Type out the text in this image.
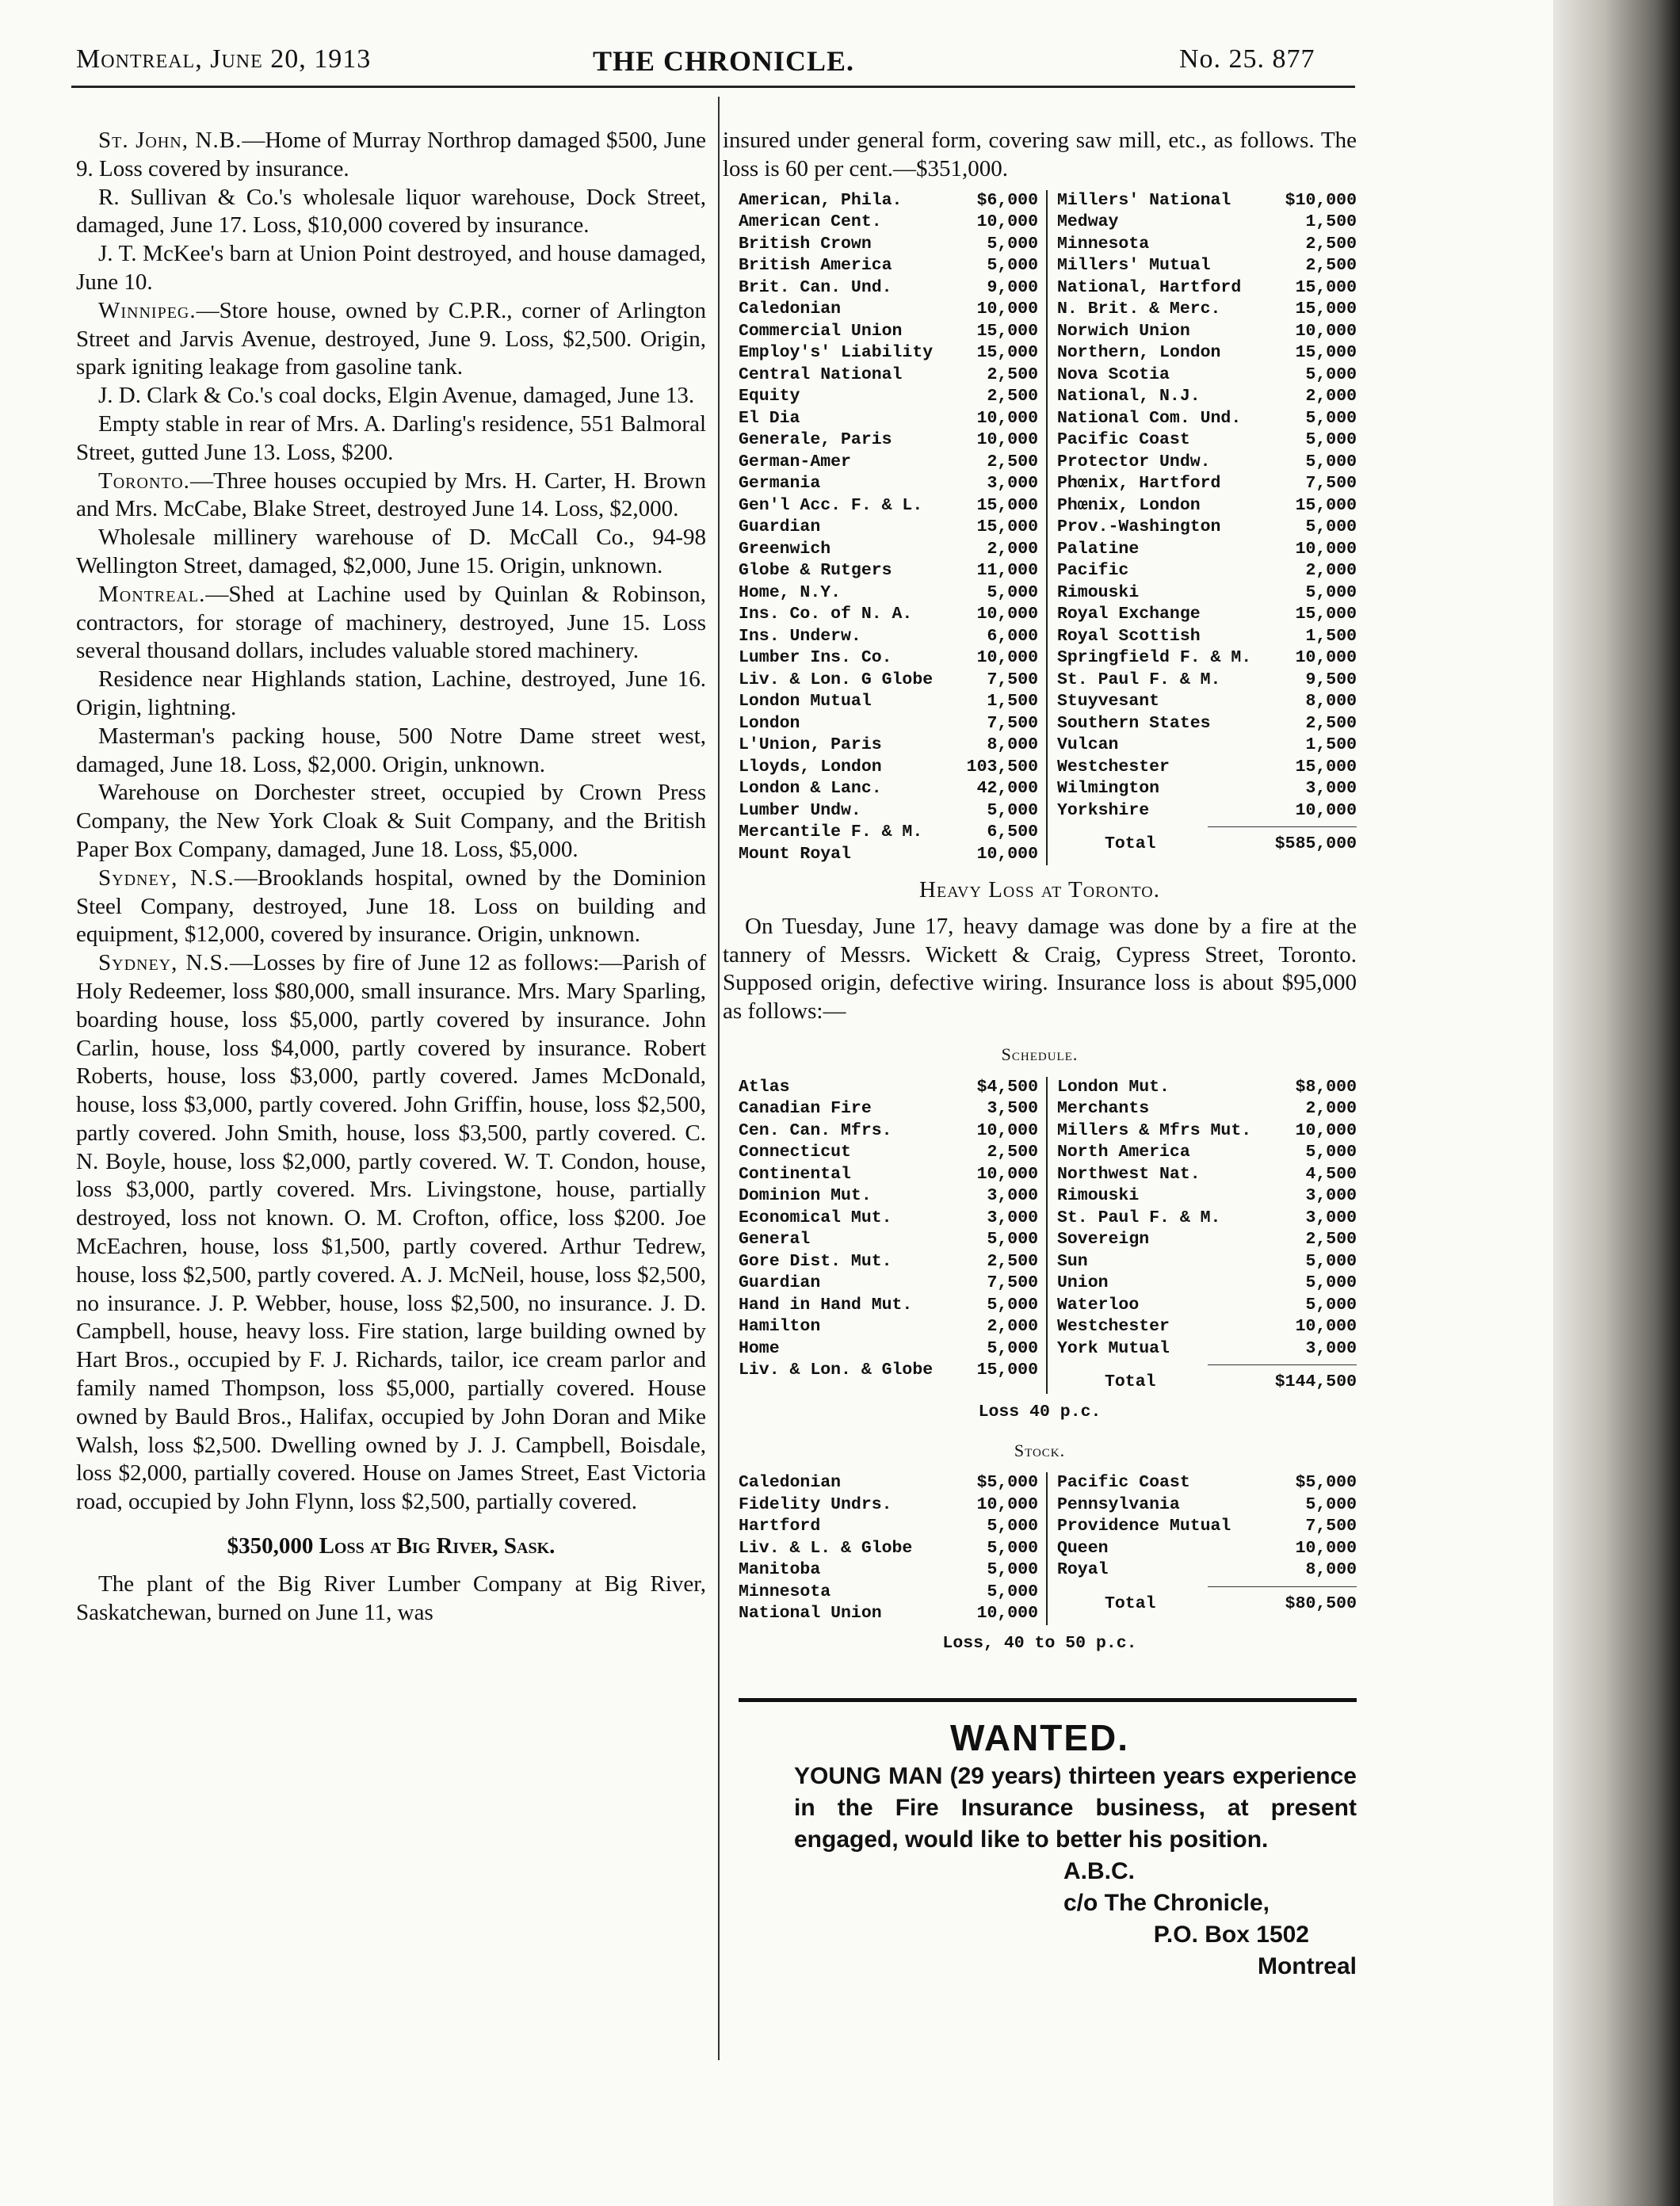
Montreal, June 20, 1913	THE CHRONICLE.	No. 25. 877

St. John, N.B.—Home of Murray Northrop damaged $500, June 9. Loss covered by insurance.

R. Sullivan & Co.'s wholesale liquor warehouse, Dock Street, damaged, June 17. Loss, $10,000 covered by insurance.

J. T. McKee's barn at Union Point destroyed, and house damaged, June 10.

Winnipeg.—Store house, owned by C.P.R., corner of Arlington Street and Jarvis Avenue, destroyed, June 9. Loss, $2,500. Origin, spark igniting leakage from gasoline tank.

J. D. Clark & Co.'s coal docks, Elgin Avenue, damaged, June 13.

Empty stable in rear of Mrs. A. Darling's residence, 551 Balmoral Street, gutted June 13. Loss, $200.

Toronto.—Three houses occupied by Mrs. H. Carter, H. Brown and Mrs. McCabe, Blake Street, destroyed June 14. Loss, $2,000.

Wholesale millinery warehouse of D. McCall Co., 94-98 Wellington Street, damaged, $2,000, June 15. Origin, unknown.

Montreal.—Shed at Lachine used by Quinlan & Robinson, contractors, for storage of machinery, destroyed, June 15. Loss several thousand dollars, includes valuable stored machinery.

Residence near Highlands station, Lachine, destroyed, June 16. Origin, lightning.

Masterman's packing house, 500 Notre Dame street west, damaged, June 18. Loss, $2,000. Origin, unknown.

Warehouse on Dorchester street, occupied by Crown Press Company, the New York Cloak & Suit Company, and the British Paper Box Company, damaged, June 18. Loss, $5,000.

Sydney, N.S.—Brooklands hospital, owned by the Dominion Steel Company, destroyed, June 18. Loss on building and equipment, $12,000, covered by insurance. Origin, unknown.

Sydney, N.S.—Losses by fire of June 12 as follows:—Parish of Holy Redeemer, loss $80,000, small insurance. Mrs. Mary Sparling, boarding house, loss $5,000, partly covered by insurance. John Carlin, house, loss $4,000, partly covered by insurance. Robert Roberts, house, loss $3,000, partly covered. James McDonald, house, loss $3,000, partly covered. John Griffin, house, loss $2,500, partly covered. John Smith, house, loss $3,500, partly covered. C. N. Boyle, house, loss $2,000, partly covered. W. T. Condon, house, loss $3,000, partly covered. Mrs. Livingstone, house, partially destroyed, loss not known. O. M. Crofton, office, loss $200. Joe McEachren, house, loss $1,500, partly covered. Arthur Tedrew, house, loss $2,500, partly covered. A. J. McNeil, house, loss $2,500, no insurance. J. P. Webber, house, loss $2,500, no insurance. J. D. Campbell, house, heavy loss. Fire station, large building owned by Hart Bros., occupied by F. J. Richards, tailor, ice cream parlor and family named Thompson, loss $5,000, partially covered. House owned by Bauld Bros., Halifax, occupied by John Doran and Mike Walsh, loss $2,500. Dwelling owned by J. J. Campbell, Boisdale, loss $2,000, partially covered. House on James Street, East Victoria road, occupied by John Flynn, loss $2,500, partially covered.

$350,000 Loss at Big River, Sask.

The plant of the Big River Lumber Company at Big River, Saskatchewan, burned on June 11, was

insured under general form, covering saw mill, etc., as follows. The loss is 60 per cent.—$351,000.

American, Phila.	$6,000
American Cent.	10,000
British Crown	5,000
British America	5,000
Brit. Can. Und.	9,000
Caledonian	10,000
Commercial Union	15,000
Employ's' Liability	15,000
Central National	2,500
Equity	2,500
El Dia	10,000
Generale, Paris	10,000
German-Amer	2,500
Germania	3,000
Gen'l Acc. F. & L.	15,000
Guardian	15,000
Greenwich	2,000
Globe & Rutgers	11,000
Home, N.Y.	5,000
Ins. Co. of N. A.	10,000
Ins. Underw.	6,000
Lumber Ins. Co.	10,000
Liv. & Lon. G Globe	7,500
London Mutual	1,500
London	7,500
L'Union, Paris	8,000
Lloyds, London	103,500
London & Lanc.	42,000
Lumber Undw.	5,000
Mercantile F. & M.	6,500
Mount Royal	10,000
Millers' National	$10,000
Medway	1,500
Minnesota	2,500
Millers' Mutual	2,500
National, Hartford	15,000
N. Brit. & Merc.	15,000
Norwich Union	10,000
Northern, London	15,000
Nova Scotia	5,000
National, N.J.	2,000
National Com. Und.	5,000
Pacific Coast	5,000
Protector Undw.	5,000
Phœnix, Hartford	7,500
Phœnix, London	15,000
Prov.-Washington	5,000
Palatine	10,000
Pacific	2,000
Rimouski	5,000
Royal Exchange	15,000
Royal Scottish	1,500
Springfield F. & M.	10,000
St. Paul F. & M.	9,500
Stuyvesant	8,000
Southern States	2,500
Vulcan	1,500
Westchester	15,000
Wilmington	3,000
Yorkshire	10,000
Total	$585,000
Heavy Loss at Toronto.

On Tuesday, June 17, heavy damage was done by a fire at the tannery of Messrs. Wickett & Craig, Cypress Street, Toronto. Supposed origin, defective wiring. Insurance loss is about $95,000 as follows:—

Schedule.
Atlas	$4,500
Canadian Fire	3,500
Cen. Can. Mfrs.	10,000
Connecticut	2,500
Continental	10,000
Dominion Mut.	3,000
Economical Mut.	3,000
General	5,000
Gore Dist. Mut.	2,500
Guardian	7,500
Hand in Hand Mut.	5,000
Hamilton	2,000
Home	5,000
Liv. & Lon. & Globe	15,000
London Mut.	$8,000
Merchants	2,000
Millers & Mfrs Mut.	10,000
North America	5,000
Northwest Nat.	4,500
Rimouski	3,000
St. Paul F. & M.	3,000
Sovereign	2,500
Sun	5,000
Union	5,000
Waterloo	5,000
Westchester	10,000
York Mutual	3,000
Total	$144,500
Loss 40 p.c.
Stock.
Caledonian	$5,000
Fidelity Undrs.	10,000
Hartford	5,000
Liv. & L. & Globe	5,000
Manitoba	5,000
Minnesota	5,000
National Union	10,000
Pacific Coast	$5,000
Pennsylvania	5,000
Providence Mutual	7,500
Queen	10,000
Royal	8,000
Total	$80,500
Loss, 40 to 50 p.c.
WANTED.
YOUNG MAN (29 years) thirteen years experience in the Fire Insurance business, at present engaged, would like to better his position.
A.B.C.
c/o The Chronicle,
P.O. Box 1502
Montreal
